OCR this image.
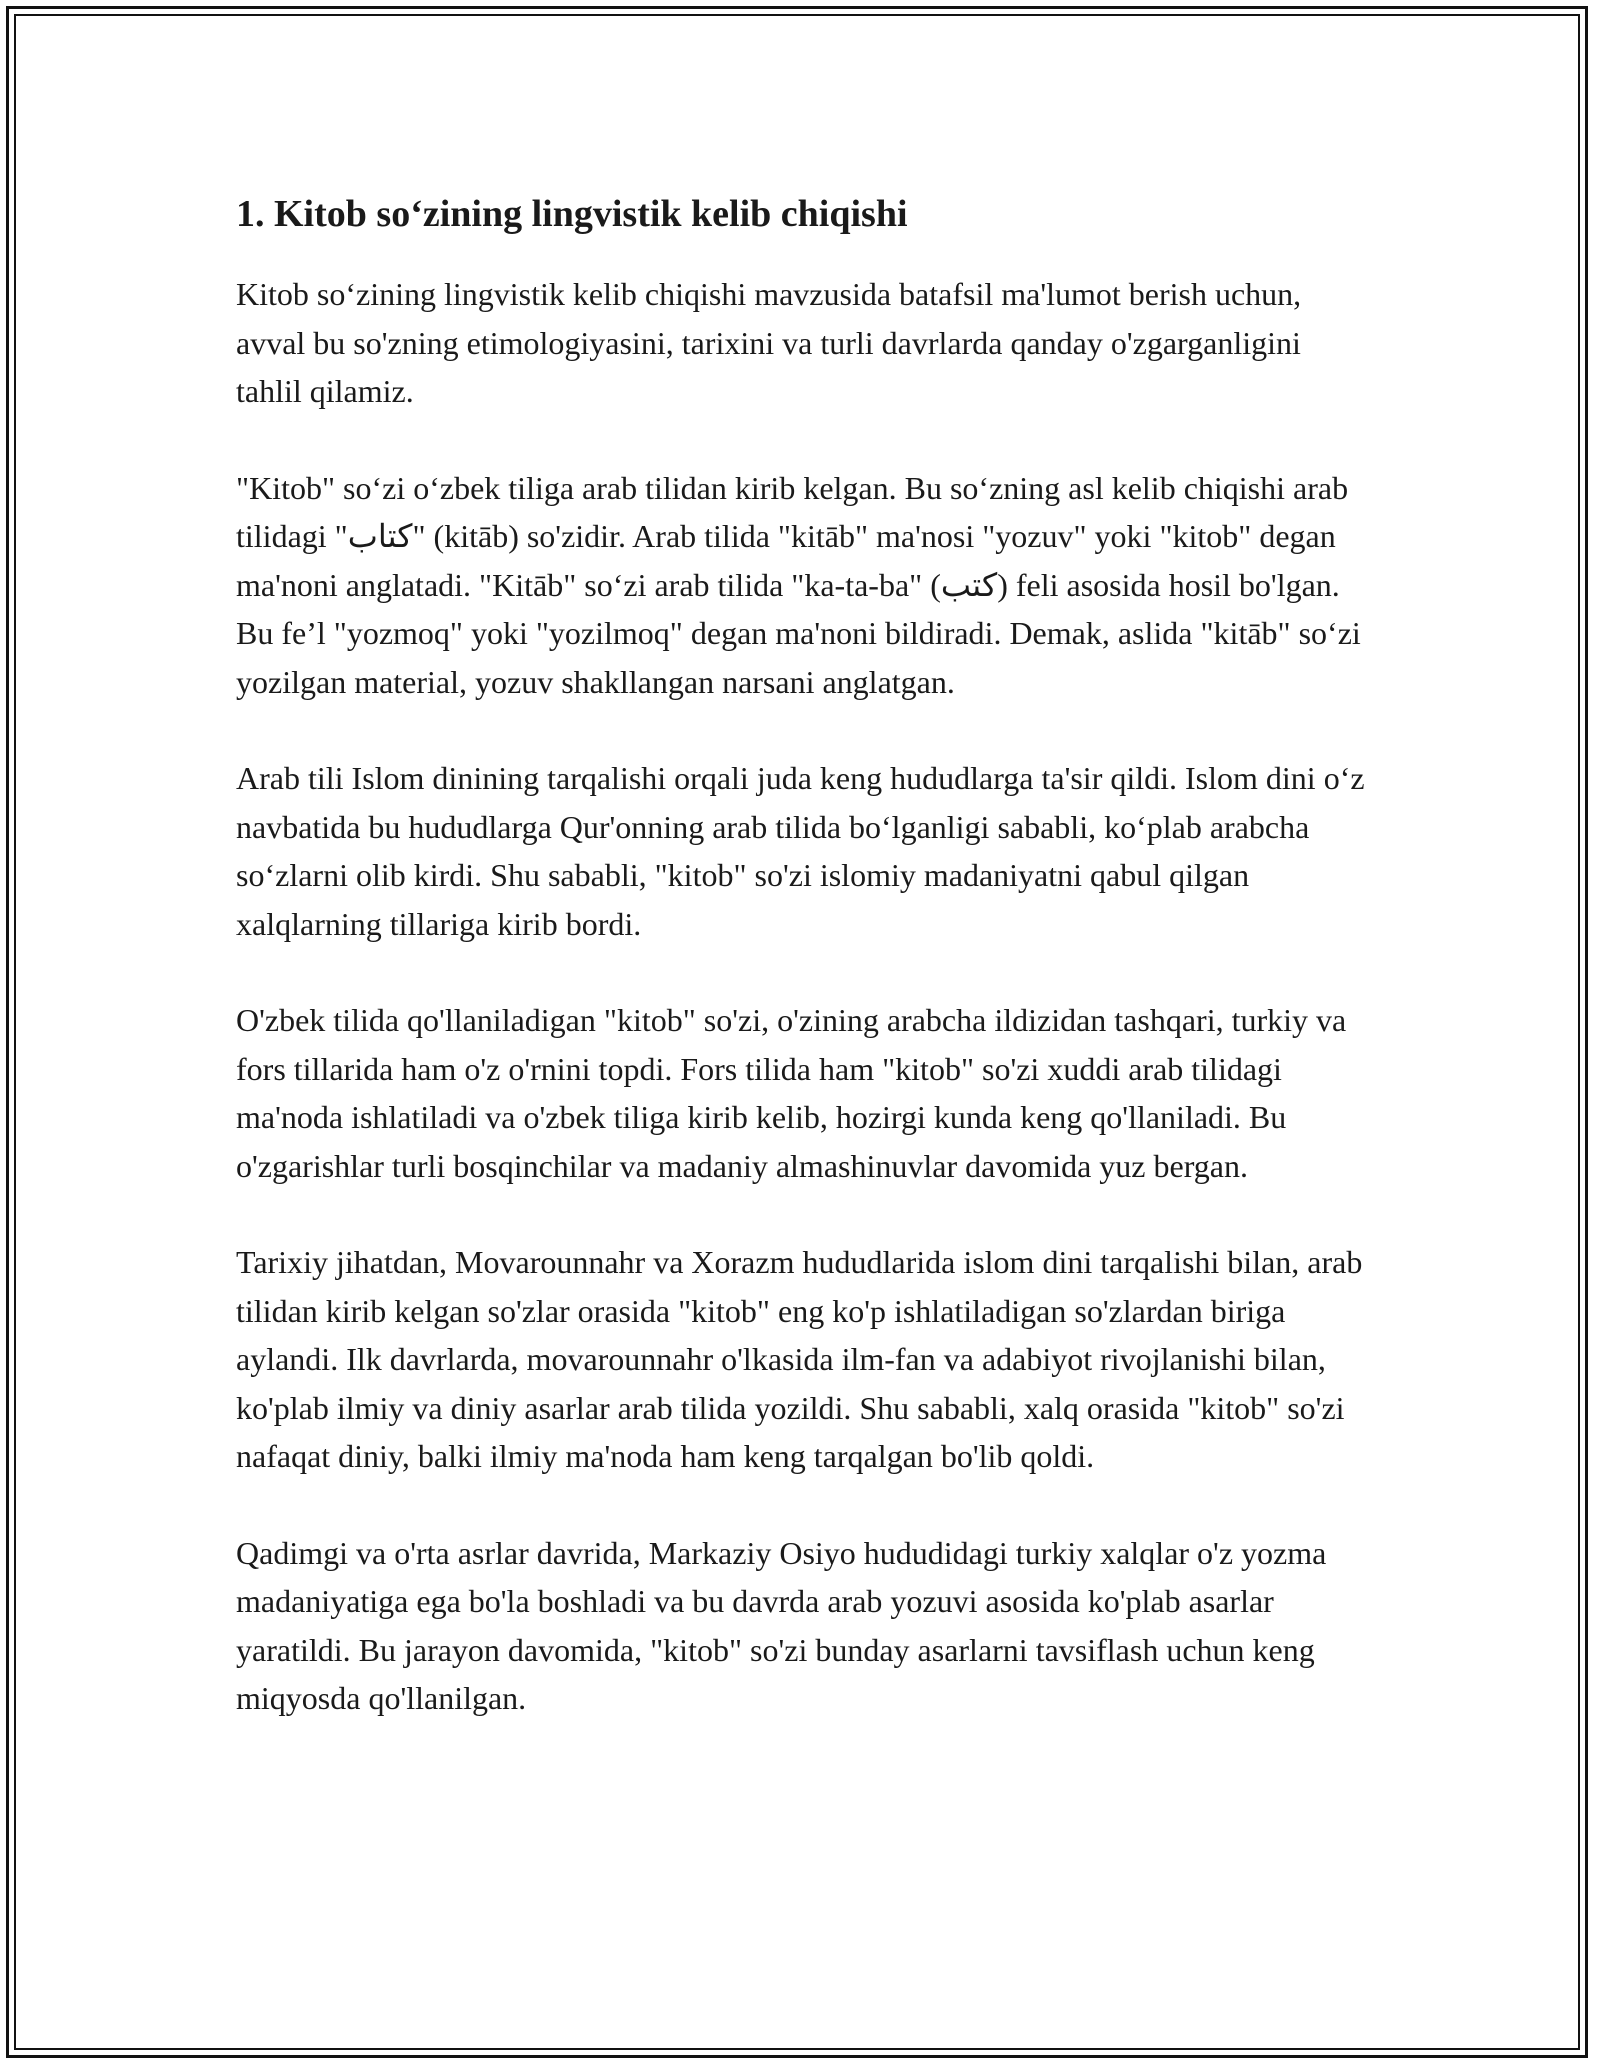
1. Kitob so‘zining lingvistik kelib chiqishi

Kitob so‘zining lingvistik kelib chiqishi mavzusida batafsil ma'lumot berish uchun, avval bu so'zning etimologiyasini, tarixini va turli davrlarda qanday o'zgarganligini tahlil qilamiz.

"Kitob" so‘zi o‘zbek tiliga arab tilidan kirib kelgan. Bu so‘zning asl kelib chiqishi arab tilidagi "كتاب" (kitāb) so'zidir. Arab tilida "kitāb" ma'nosi "yozuv" yoki "kitob" degan ma'noni anglatadi. "Kitāb" so‘zi arab tilida "ka-ta-ba" (كتب) feli asosida hosil bo'lgan. Bu fe’l "yozmoq" yoki "yozilmoq" degan ma'noni bildiradi. Demak, aslida "kitāb" so‘zi yozilgan material, yozuv shakllangan narsani anglatgan.

Arab tili Islom dinining tarqalishi orqali juda keng hududlarga ta'sir qildi. Islom dini o‘z navbatida bu hududlarga Qur'onning arab tilida bo‘lganligi sababli, ko‘plab arabcha so‘zlarni olib kirdi. Shu sababli, "kitob" so'zi islomiy madaniyatni qabul qilgan xalqlarning tillariga kirib bordi.

O'zbek tilida qo'llaniladigan "kitob" so'zi, o'zining arabcha ildizidan tashqari, turkiy va fors tillarida ham o'z o'rnini topdi. Fors tilida ham "kitob" so'zi xuddi arab tilidagi ma'noda ishlatiladi va o'zbek tiliga kirib kelib, hozirgi kunda keng qo'llaniladi. Bu o'zgarishlar turli bosqinchilar va madaniy almashinuvlar davomida yuz bergan.

Tarixiy jihatdan, Movarounnahr va Xorazm hududlarida islom dini tarqalishi bilan, arab tilidan kirib kelgan so'zlar orasida "kitob" eng ko'p ishlatiladigan so'zlardan biriga aylandi. Ilk davrlarda, movarounnahr o'lkasida ilm-fan va adabiyot rivojlanishi bilan, ko'plab ilmiy va diniy asarlar arab tilida yozildi. Shu sababli, xalq orasida "kitob" so'zi nafaqat diniy, balki ilmiy ma'noda ham keng tarqalgan bo'lib qoldi.

Qadimgi va o'rta asrlar davrida, Markaziy Osiyo hududidagi turkiy xalqlar o'z yozma madaniyatiga ega bo'la boshladi va bu davrda arab yozuvi asosida ko'plab asarlar yaratildi. Bu jarayon davomida, "kitob" so'zi bunday asarlarni tavsiflash uchun keng miqyosda qo'llanilgan.
